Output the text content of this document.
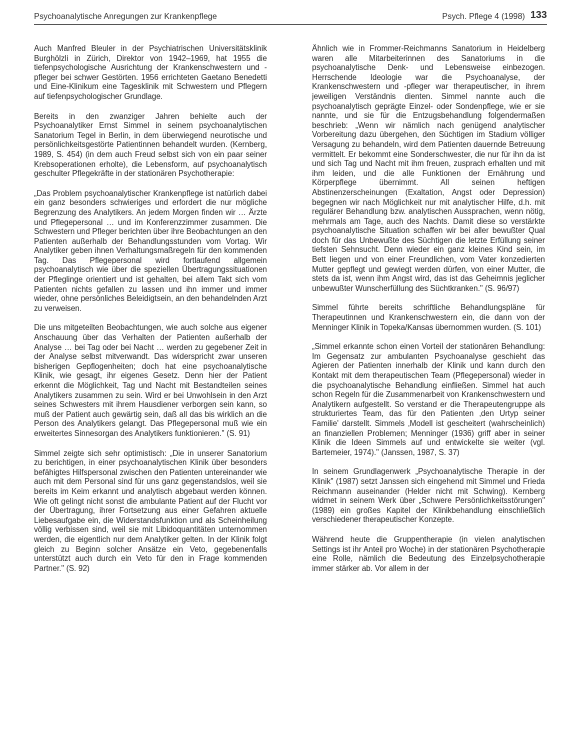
Psychoanalytische Anregungen zur Krankenpflege	Psych. Pflege 4 (1998) 133

Auch Manfred Bleuler in der Psychiatrischen Universitätsklinik Burghölzli in Zürich, Direktor von 1942–1969, hat 1955 die tiefenpsychologische Ausrichtung der Krankenschwestern und -pfleger bei schwer Gestörten. 1956 errichteten Gaetano Benedetti und Eine-Klinikum eine Tagesklinik mit Schwestern und Pflegern auf tiefenpsychologischer Grundlage.

Bereits in den zwanziger Jahren behielte auch der Psychoanalytiker Ernst Simmel in seinem psychoanalytischen Sanatorium Tegel in Berlin, in dem überwiegend neurotische und persönlichkeitsgestörte Patientinnen behandelt wurden. (Kernberg, 1989, S. 454) (in dem auch Freud selbst sich von ein paar seiner Krebsoperationen erholte), die Lebensform, auf psychoanalytisch geschulter Pflegekräfte in der stationären Psychotherapie:

„Das Problem psychoanalytischer Krankenpflege ist natürlich dabei ein ganz besonders schwieriges und erfordert die nur mögliche Begrenzung des Analytikers. An jedem Morgen finden wir … Ärzte und Pflegepersonal … und im Konferenzzimmer zusammen. Die Schwestern und Pfleger berichten über ihre Beobachtungen an den Patienten außerhalb der Behandlungsstunden vom Vortag. Wir Analytiker geben ihnen Verhaltungsmaßregeln für den kommenden Tag. Das Pflegepersonal wird fortlaufend allgemein psychoanalytisch wie über die speziellen Übertragungssituationen der Pfleglinge orientiert und ist gehalten, bei allem Takt sich vom Patienten nichts gefallen zu lassen und ihn immer und immer wieder, ohne persönliches Beleidigtsein, an den behandelnden Arzt zu verweisen.

Die uns mitgeteilten Beobachtungen, wie auch solche aus eigener Anschauung über das Verhalten der Patienten außerhalb der Analyse … bei Tag oder bei Nacht … werden zu gegebener Zeit in der Analyse selbst mitverwandt. Das widerspricht zwar unseren bisherigen Gepflogenheiten; doch hat eine psychoanalytische Klinik, wie gesagt, ihr eigenes Gesetz. Denn hier der Patient erkennt die Möglichkeit, Tag und Nacht mit Bestandteilen seines Analytikers zusammen zu sein. Wird er bei Unwohlsein in den Arzt seines Schwesters mit ihrem Hausdiener verborgen sein kann, so muß der Patient auch gewärtig sein, daß all das bis wirklich an die Person des Analytikers gelangt. Das Pflegepersonal muß wie ein erweitertes Sinnesorgan des Analytikers funktionieren." (S. 91)

Simmel zeigte sich sehr optimistisch: „Die in unserer Sanatorium zu berichtigen, in einer psychoanalytischen Klinik über besonders befähigtes Hilfspersonal zwischen den Patienten untereinander wie auch mit dem Personal sind für uns ganz gegenstandslos, weil sie bereits im Keim erkannt und analytisch abgebaut werden können. Wie oft gelingt nicht sonst die ambulante Patient auf der Flucht vor der Übertragung, ihrer Fortsetzung aus einer Gefahren aktuelle Liebesaufgabe ein, die Widerstandsfunktion und als Scheinheilung völlig verbissen sind, weil sie mit Libidoquantitäten unternommen werden, die eigentlich nur dem Analytiker gelten. In der Klinik folgt gleich zu Beginn solcher Ansätze ein Veto, gegebenenfalls unterstützt auch durch ein Veto für den in Frage kommenden Partner." (S. 92)

Ähnlich wie in Frommer-Reichmanns Sanatorium in Heidelberg waren alle Mitarbeiterinnen des Sanatoriums in die psychoanalytische Denk- und Lebensweise einbezogen. Herrschende Ideologie war die Psychoanalyse, der Krankenschwestern und -pfleger war therapeutischer, in ihrem jeweiligen Verständnis dienten. Simmel nannte auch die psychoanalytisch geprägte Einzel- oder Sondenpflege, wie er sie nannte, und sie für die Entzugsbehandlung folgendermaßen beschrieb: „Wenn wir nämlich nach genügend analytischer Vorbereitung dazu übergehen, den Süchtigen im Stadium völliger Versagung zu behandeln, wird dem Patienten dauernde Betreuung vermittelt. Er bekommt eine Sonderschwester, die nur für ihn da ist und sich Tag und Nacht mit ihm freuen, zusprach erhalten und mit ihm leiden, und die alle Funktionen der Ernährung und Körperpflege übernimmt. All seinen heftigen Abstinenzerscheinungen (Exaltation, Angst oder Depression) begegnen wir nach Möglichkeit nur mit analytischer Hilfe, d.h. mit regulärer Behandlung bzw. analytischen Aussprachen, wenn nötig, mehrmals am Tage, auch des Nachts. Damit diese so verstärkte psychoanalytische Situation schaffen wir bei aller bewußter Qual doch für das Unbewußte des Süchtigen die letzte Erfüllung seiner tiefsten Sehnsucht. Denn wieder ein ganz kleines Kind sein, im Bett liegen und von einer Freundlichen, vom Vater konzedierten Mutter gepflegt und gewiegt werden dürfen, von einer Mutter, die stets da ist, wenn ihm Angst wird, das ist das Geheimnis jeglicher unbewußter Wunscherfüllung des Süchtkranken." (S. 96/97)

Simmel führte bereits schriftliche Behandlungspläne für Therapeutinnen und Krankenschwestern ein, die dann von der Menninger Klinik in Topeka/Kansas übernommen wurden. (S. 101)

„Simmel erkannte schon einen Vorteil der stationären Behandlung: Im Gegensatz zur ambulanten Psychoanalyse geschieht das Agieren der Patienten innerhalb der Klinik und kann durch den Kontakt mit dem therapeutischen Team (Pflegepersonal) wieder in die psychoanalytische Behandlung einfließen. Simmel hat auch schon Regeln für die Zusammenarbeit von Krankenschwestern und Analytikern aufgestellt. So verstand er die Therapeutengruppe als strukturiertes Team, das für den Patienten ‚den Urtyp seiner Familie' darstellt. Simmels ‚Modell ist gescheitert (wahrscheinlich) an finanziellen Problemen; Menninger (1936) griff aber in seiner Klinik die Ideen Simmels auf und entwickelte sie weiter (vgl. Bartemeier, 1974)." (Janssen, 1987, S. 37)

In seinem Grundlagenwerk „Psychoanalytische Therapie in der Klinik" (1987) setzt Janssen sich eingehend mit Simmel und Frieda Reichmann auseinander (Helder nicht mit Schwing). Kernberg widmet in seinem Werk über „Schwere Persönlichkeitsstörungen" (1989) ein großes Kapitel der Klinikbehandlung einschließlich verschiedener therapeutischer Konzepte.

Während heute die Gruppentherapie (in vielen analytischen Settings ist ihr Anteil pro Woche) in der stationären Psychotherapie eine Rolle, nämlich die Bedeutung des Einzelpsychotherapie immer stärker ab. Vor allem in der
